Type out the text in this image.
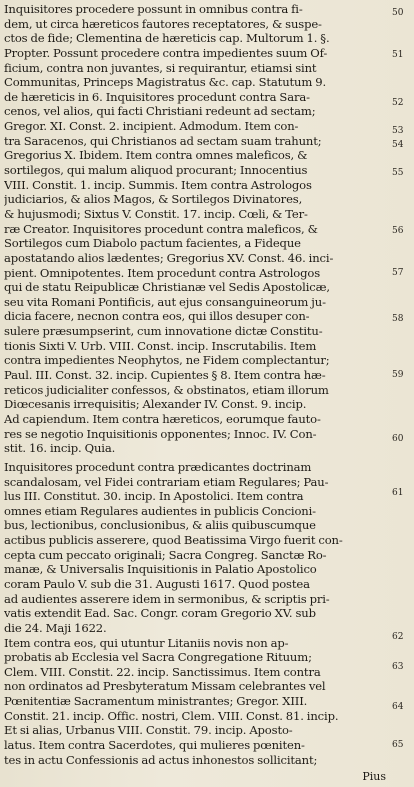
Inquisitores procedere possunt in omnibus contra fi-
dem, ut circa hæreticos fautores receptatores, & suspe-
ctos de fide; Clementina de hæreticis cap. Multorum 1. §.
Propter. Possunt procedere contra impedientes suum Of-
ficium, contra non juvantes, si requirantur, etiamsi sint
Communitas, Princeps Magistratus &c. cap. Statutum 9.
de hæreticis in 6. Inquisitores procedunt contra Sara-
cenos, vel alios, qui facti Christiani redeunt ad sectam;
Gregor. XI. Const. 2. incipient. Admodum. Item con-
tra Saracenos, qui Christianos ad sectam suam trahunt;
Gregorius X. Ibidem. Item contra omnes maleficos, &
sortilegos, qui malum aliquod procurant; Innocentius
VIII. Constit. 1. incip. Summis. Item contra Astrologos
judiciarios, & alios Magos, & Sortilegos Divinatores,
& hujusmodi; Sixtus V. Constit. 17. incip. Cœli, & Ter-
ræ Creator. Inquisitores procedunt contra maleficos, &
Sortilegos cum Diabolo pactum facientes, a Fideque
apostatando alios lædentes; Gregorius XV. Const. 46. inci-
pient. Omnipotentes. Item procedunt contra Astrologos
qui de statu Reipublicæ Christianæ vel Sedis Apostolicæ,
seu vita Romani Pontificis, aut ejus consanguineorum ju-
dicia facere, necnon contra eos, qui illos desuper con-
sulere præsumpserint, cum innovatione dictæ Constitu-
tionis Sixti V. Urb. VIII. Const. incip. Inscrutabilis. Item
contra impedientes Neophytos, ne Fidem complectantur;
Paul. III. Const. 32. incip. Cupientes § 8. Item contra hæ-
reticos judicialiter confessos, & obstinatos, etiam illorum
Diœcesanis irrequisitis; Alexander IV. Const. 9. incip.
Ad capiendum. Item contra hæreticos, eorumque fauto-
res se negotio Inquisitionis opponentes; Innoc. IV. Con-
stit. 16. incip. Quia.
Inquisitores procedunt contra prædicantes doctrinam
scandalosam, vel Fidei contrariam etiam Regulares; Pau-
lus III. Constitut. 30. incip. In Apostolici. Item contra
omnes etiam Regulares audientes in publicis Concioni-
bus, lectionibus, conclusionibus, & aliis quibuscumque
actibus publicis asserere, quod Beatissima Virgo fuerit con-
cepta cum peccato originali; Sacra Congreg. Sanctæ Ro-
manæ, & Universalis Inquisitionis in Palatio Apostolico
coram Paulo V. sub die 31. Augusti 1617. Quod postea
ad audientes asserere idem in sermonibus, & scriptis pri-
vatis extendit Ead. Sac. Congr. coram Gregorio XV. sub
die 24. Maji 1622.
Item contra eos, qui utuntur Litaniis novis non ap-
probatis ab Ecclesia vel Sacra Congregatione Rituum;
Clem. VIII. Constit. 22. incip. Sanctissimus. Item contra
non ordinatos ad Presbyteratum Missam celebrantes vel
Pœnitentiæ Sacramentum ministrantes; Gregor. XIII.
Constit. 21. incip. Offic. nostri, Clem. VIII. Const. 81. incip.
Et si alias, Urbanus VIII. Constit. 79. incip. Aposto-
latus. Item contra Sacerdotes, qui mulieres pœniten-
tes in actu Confessionis ad actus inhonestos sollicitant;
Pius
50
51
52
53
54
55
56
57
58
59
60
61
62
63
64
65
